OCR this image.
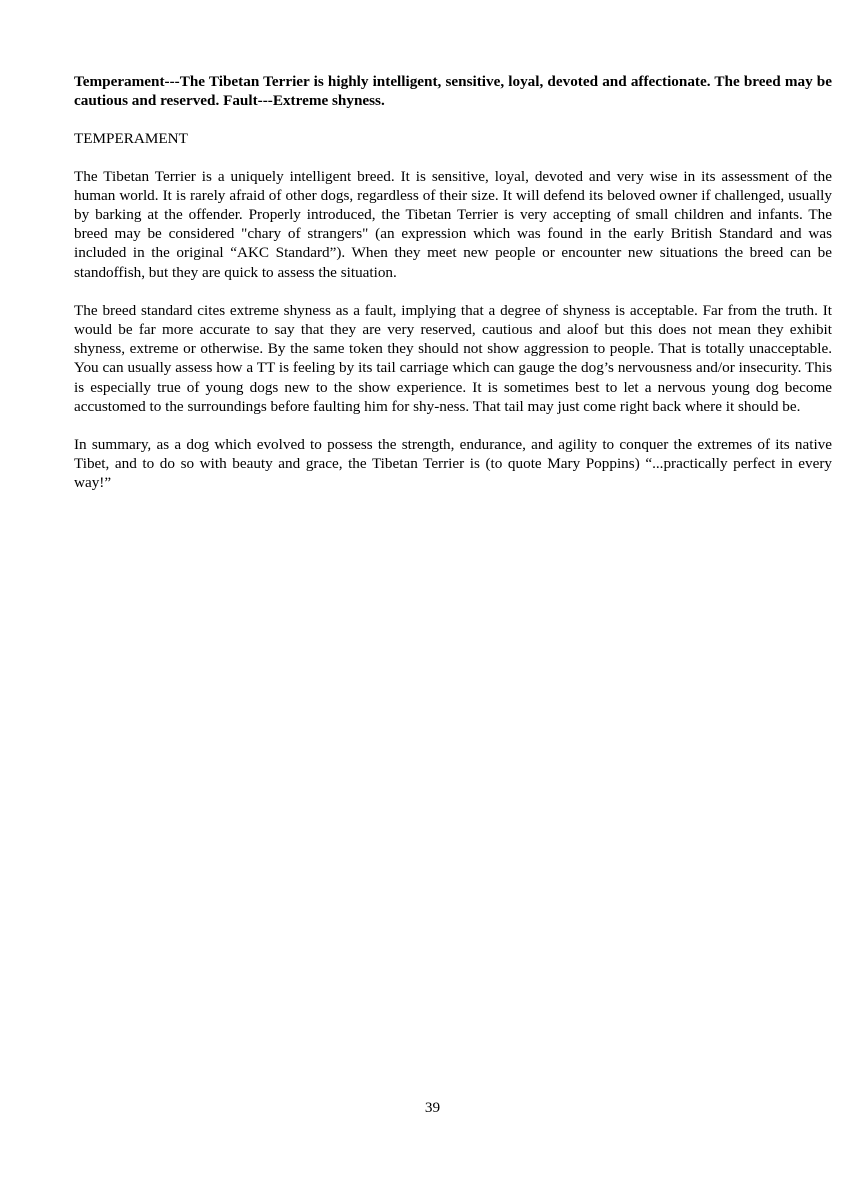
Temperament---The Tibetan Terrier is highly intelligent, sensitive, loyal, devoted and affectionate. The breed may be cautious and reserved. Fault---Extreme shyness.

TEMPERAMENT

The Tibetan Terrier is a uniquely intelligent breed. It is sensitive, loyal, devoted and very wise in its assessment of the human world. It is rarely afraid of other dogs, regardless of their size. It will defend its beloved owner if challenged, usually by barking at the offender. Properly introduced, the Tibetan Terrier is very accepting of small children and infants. The breed may be considered "chary of strangers" (an expression which was found in the early British Standard and was included in the original “AKC Standard”). When they meet new people or encounter new situations the breed can be standoffish, but they are quick to assess the situation.

The breed standard cites extreme shyness as a fault, implying that a degree of shyness is acceptable. Far from the truth. It would be far more accurate to say that they are very reserved, cautious and aloof but this does not mean they exhibit shyness, extreme or otherwise. By the same token they should not show aggression to people. That is totally unacceptable. You can usually assess how a TT is feeling by its tail carriage which can gauge the dog’s nervousness and/or insecurity. This is especially true of young dogs new to the show experience. It is sometimes best to let a nervous young dog become accustomed to the surroundings before faulting him for shy-ness. That tail may just come right back where it should be.

In summary, as a dog which evolved to possess the strength, endurance, and agility to conquer the extremes of its native Tibet, and to do so with beauty and grace, the Tibetan Terrier is (to quote Mary Poppins) “...practically perfect in every way!”

39
